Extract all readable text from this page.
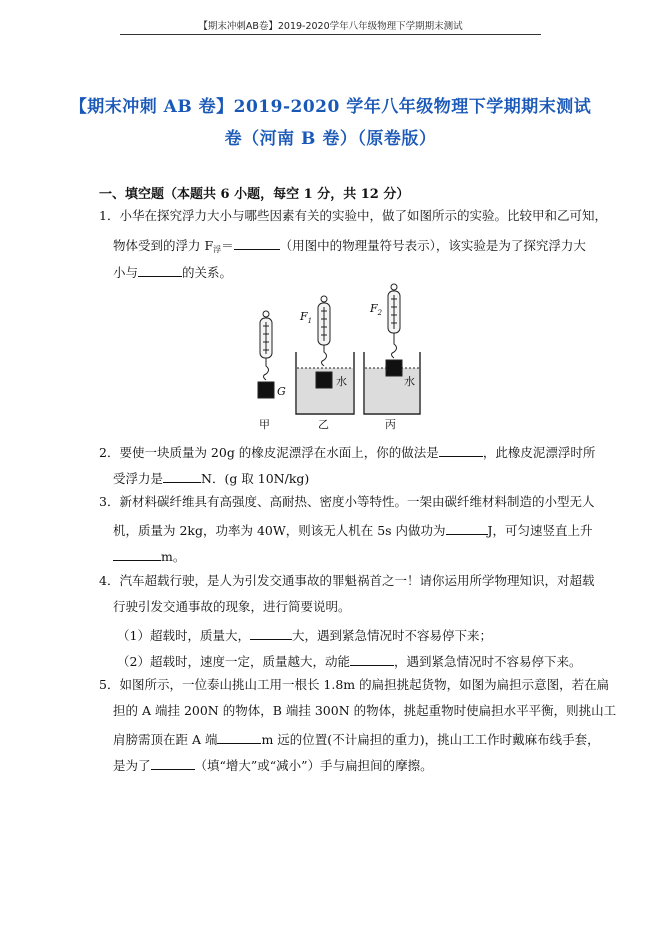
【期末冲刺AB卷】2019-2020学年八年级物理下学期期末测试
【期末冲刺 AB 卷】2019-2020 学年八年级物理下学期期末测试
卷（河南 B 卷）（原卷版）
一、填空题（本题共 6 小题，每空 1 分，共 12 分）
1．小华在探究浮力大小与哪些因素有关的实验中，做了如图所示的实验。比较甲和乙可知，
物体受到的浮力 $F_浮=$	（用图中的物理量符号表示），该实验是为了探究浮力大
小与	的关系。
G
$F_1$
$F_2$
水	水
甲	乙	丙
2．要使一块质量为 20g 的橡皮泥漂浮在水面上，你的做法是	，此橡皮泥漂浮时所
受浮力是	N．(g 取 10N/kg)
3．新材料碳纤维具有高强度、高耐热、密度小等特性。一架由碳纤维材料制造的小型无人
机，质量为 2kg，功率为 40W，则该无人机在 5s 内做功为	J，可匀速竖直上升
m。
4．汽车超载行驶，是人为引发交通事故的罪魁祸首之一！请你运用所学物理知识，对超载
行驶引发交通事故的现象，进行简要说明。
（1）超载时，质量大，	大，遇到紧急情况时不容易停下来；
（2）超载时，速度一定，质量越大，动能	，遇到紧急情况时不容易停下来。
5．如图所示，一位泰山挑山工用一根长 1.8m 的扁担挑起货物，如图为扁担示意图，若在扁
担的 A 端挂 200N 的物体，B 端挂 300N 的物体，挑起重物时使扁担水平平衡，则挑山工
肩膀需顶在距 A 端	m 远的位置(不计扁担的重力)，挑山工工作时戴麻布线手套，
是为了	（填“增大”或“减小”）手与扁担间的摩擦。
